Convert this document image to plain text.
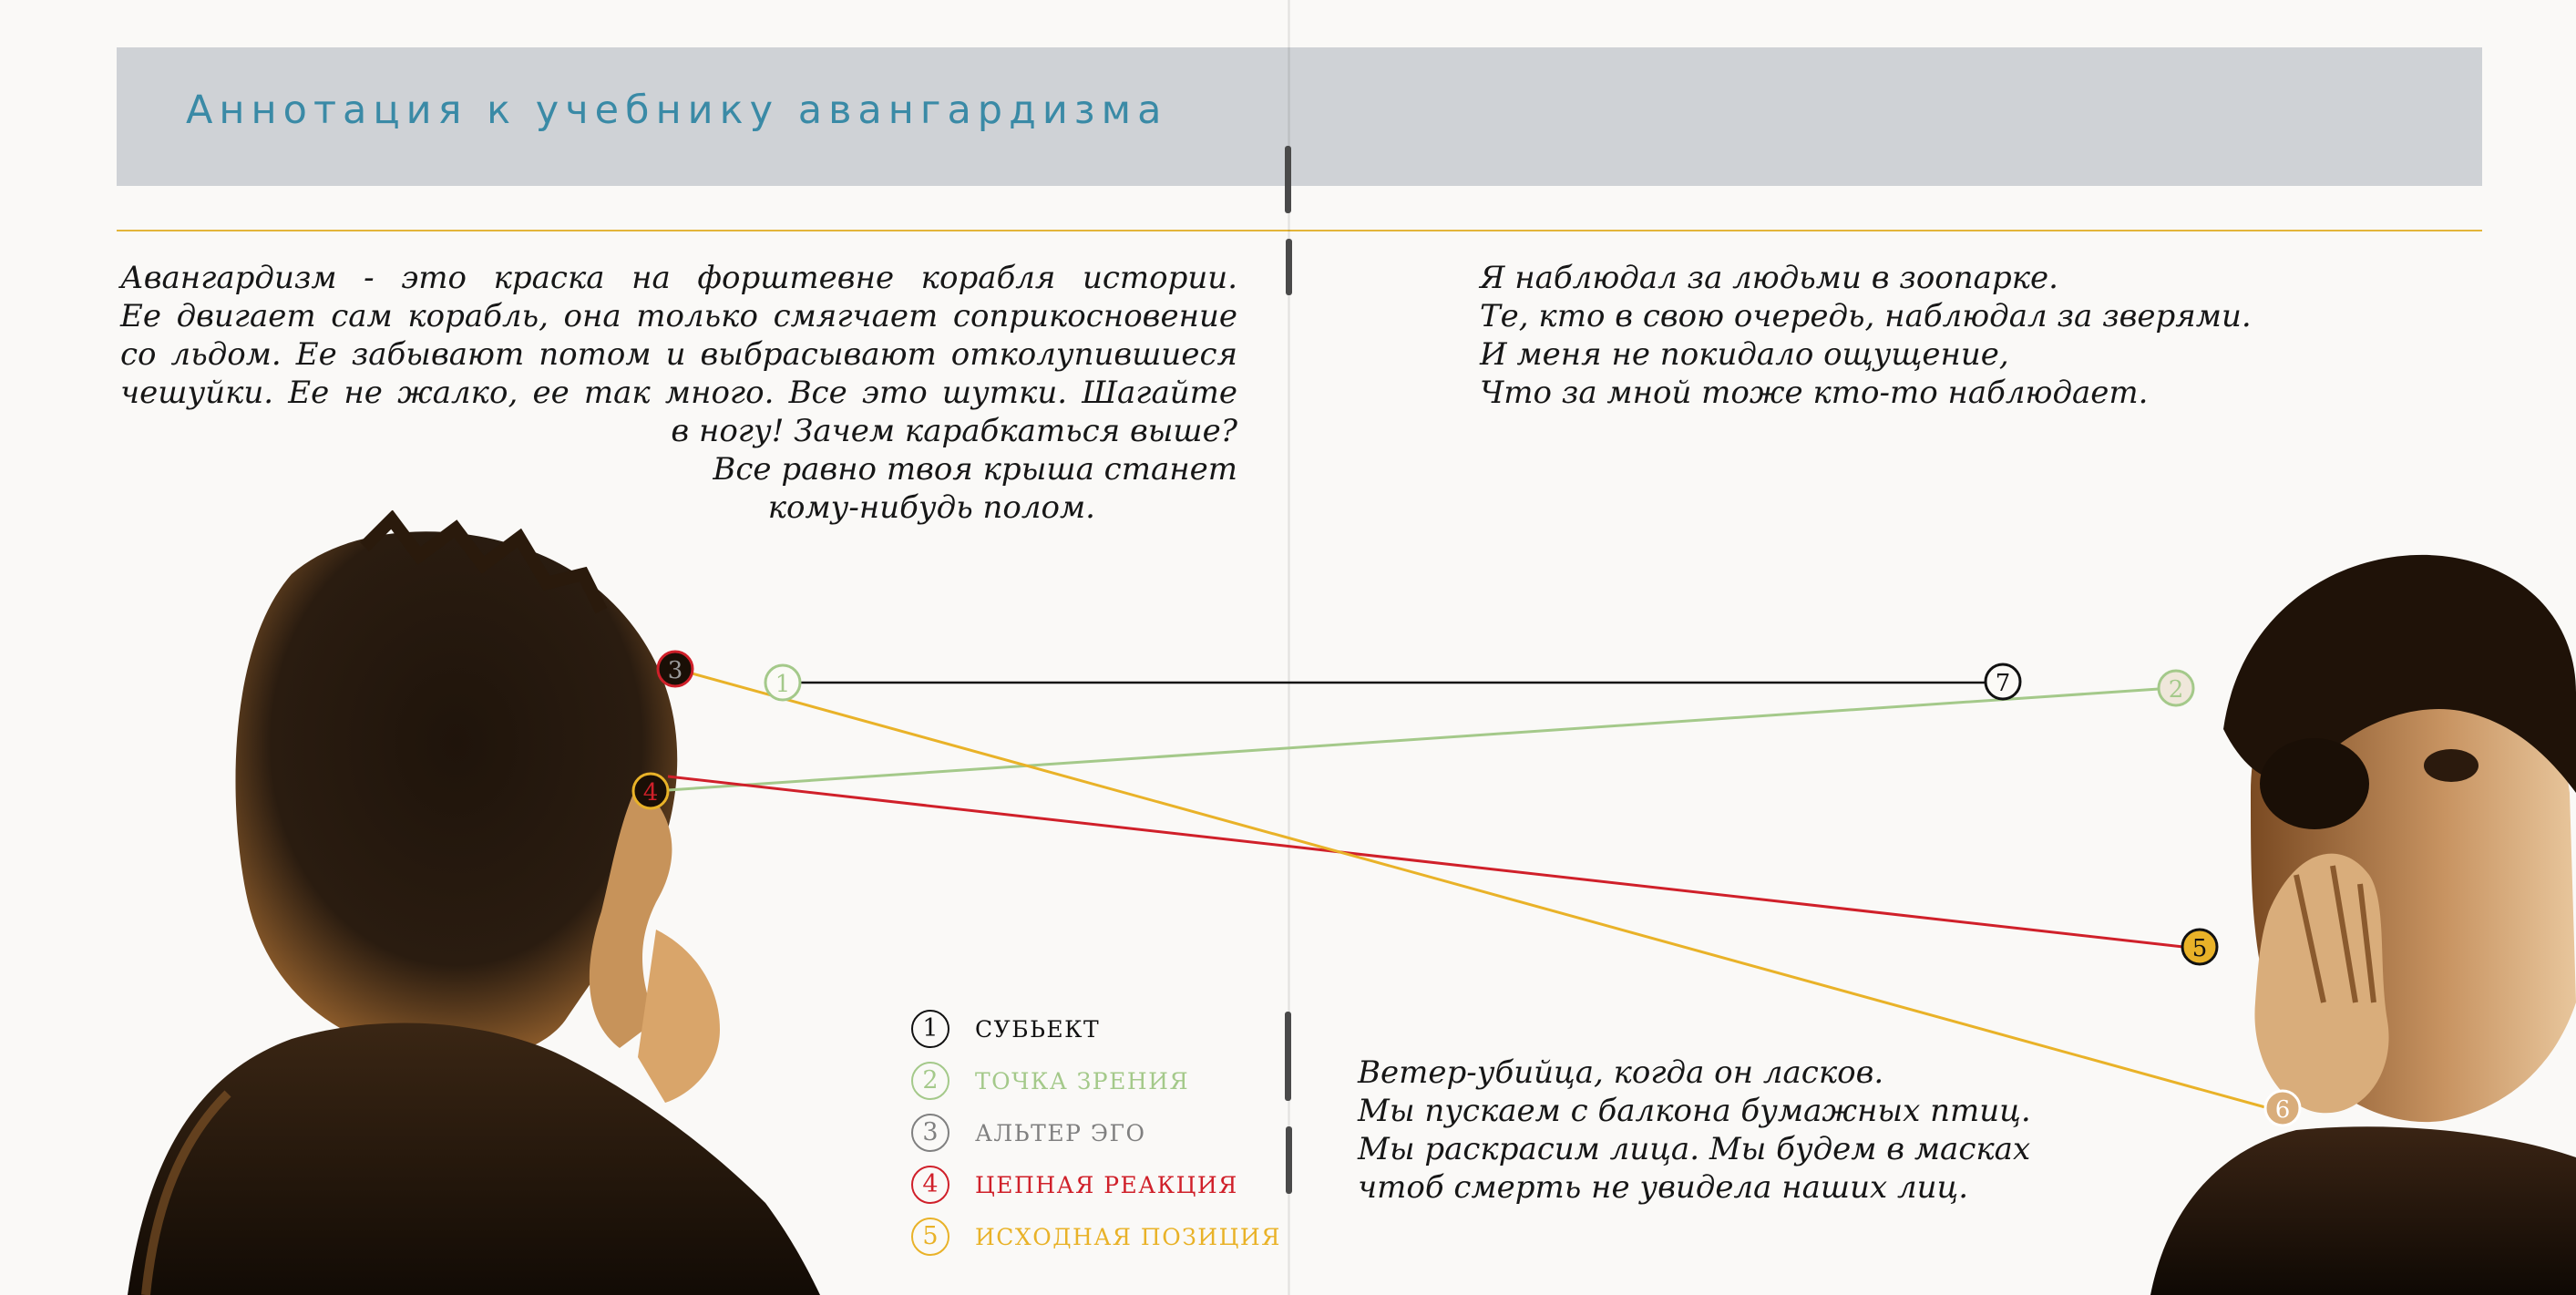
Аннотация к учебнику авангардизма
Авангардизм - это краска на форштевне корабля истории.
Ее двигает сам корабль, она только смягчает соприкосновение
со льдом. Ее забывают потом и выбрасывают отколупившиеся
чешуйки. Ее не жалко, ее так много. Все это шутки. Шагайте
в ногу! Зачем карабкаться выше?
Все равно твоя крыша станет
кому-нибудь полом.
Я наблюдал за людьми в зоопарке.
Те, кто в свою очередь, наблюдал за зверями.
И меня не покидало ощущение,
Что за мной тоже кто-то наблюдает.
Ветер-убийца, когда он ласков.
Мы пускаем с балкона бумажных птиц.
Мы раскрасим лица. Мы будем в масках
чтоб смерть не увидела наших лиц.
3	1
4
7	2
5
6
1	СУБЬЕКТ
2	ТОЧКА ЗРЕНИЯ
3	АЛЬТЕР ЭГО
4	ЦЕПНАЯ РЕАКЦИЯ
5	ИСХОДНАЯ ПОЗИЦИЯ
